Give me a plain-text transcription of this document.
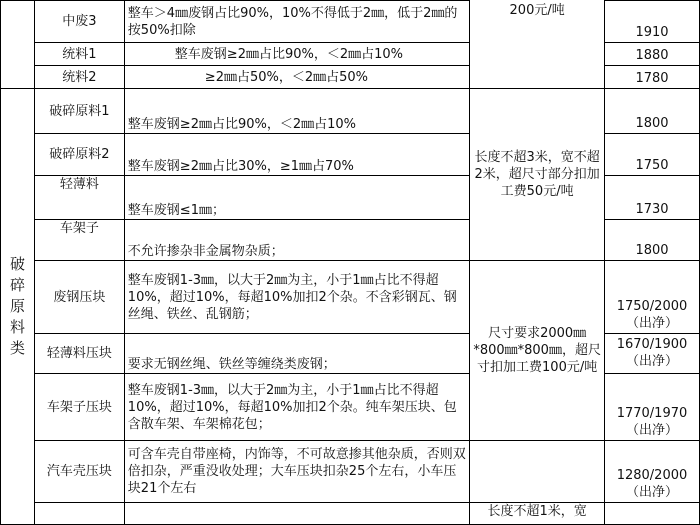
			200元/吨	
	中废3	整车＞4㎜废钢占比90%，10%不得低于2㎜，低于2㎜的按50%扣除		1910
	统料1	整车废钢≥2㎜占比90%，＜2㎜占10%		1880
	统料2	≥2㎜占50%，＜2㎜占50%		1780
破碎原料类	破碎原料1	整车废钢≥2㎜占比90%，＜2㎜占10%	长度不超3米，宽不超2米，超尺寸部分扣加工费50元/吨	1800
	破碎原料2	整车废钢≥2㎜占比30%，≥1㎜占70%		1750
	轻薄料	整车废钢≤1㎜；		1730
	车架子	不允许掺杂非金属物杂质；		1800
	废钢压块	整车废钢1-3㎜，以大于2㎜为主，小于1㎜占比不得超10%，超过10%，每超10%加扣2个杂。不含彩钢瓦、钢丝绳、铁丝、乱钢筋；	尺寸要求2000㎜*800㎜*800㎜，超尺寸扣加工费100元/吨	1750/2000（出净）
	轻薄料压块	要求无钢丝绳、铁丝等缠绕类废钢；		1670/1900（出净）
	车架子压块	整车废钢1-3㎜，以大于2㎜为主，小于1㎜占比不得超10%，超过10%，每超10%加扣2个杂。纯车架压块、包含散车架、车架棉花包；		1770/1970（出净）
	汽车壳压块	可含车壳自带座椅，内饰等，不可故意掺其他杂质，否则双倍扣杂，严重没收处理；大车压块扣杂25个左右，小车压块21个左右		1280/2000（出净）
			长度不超1米，宽	
